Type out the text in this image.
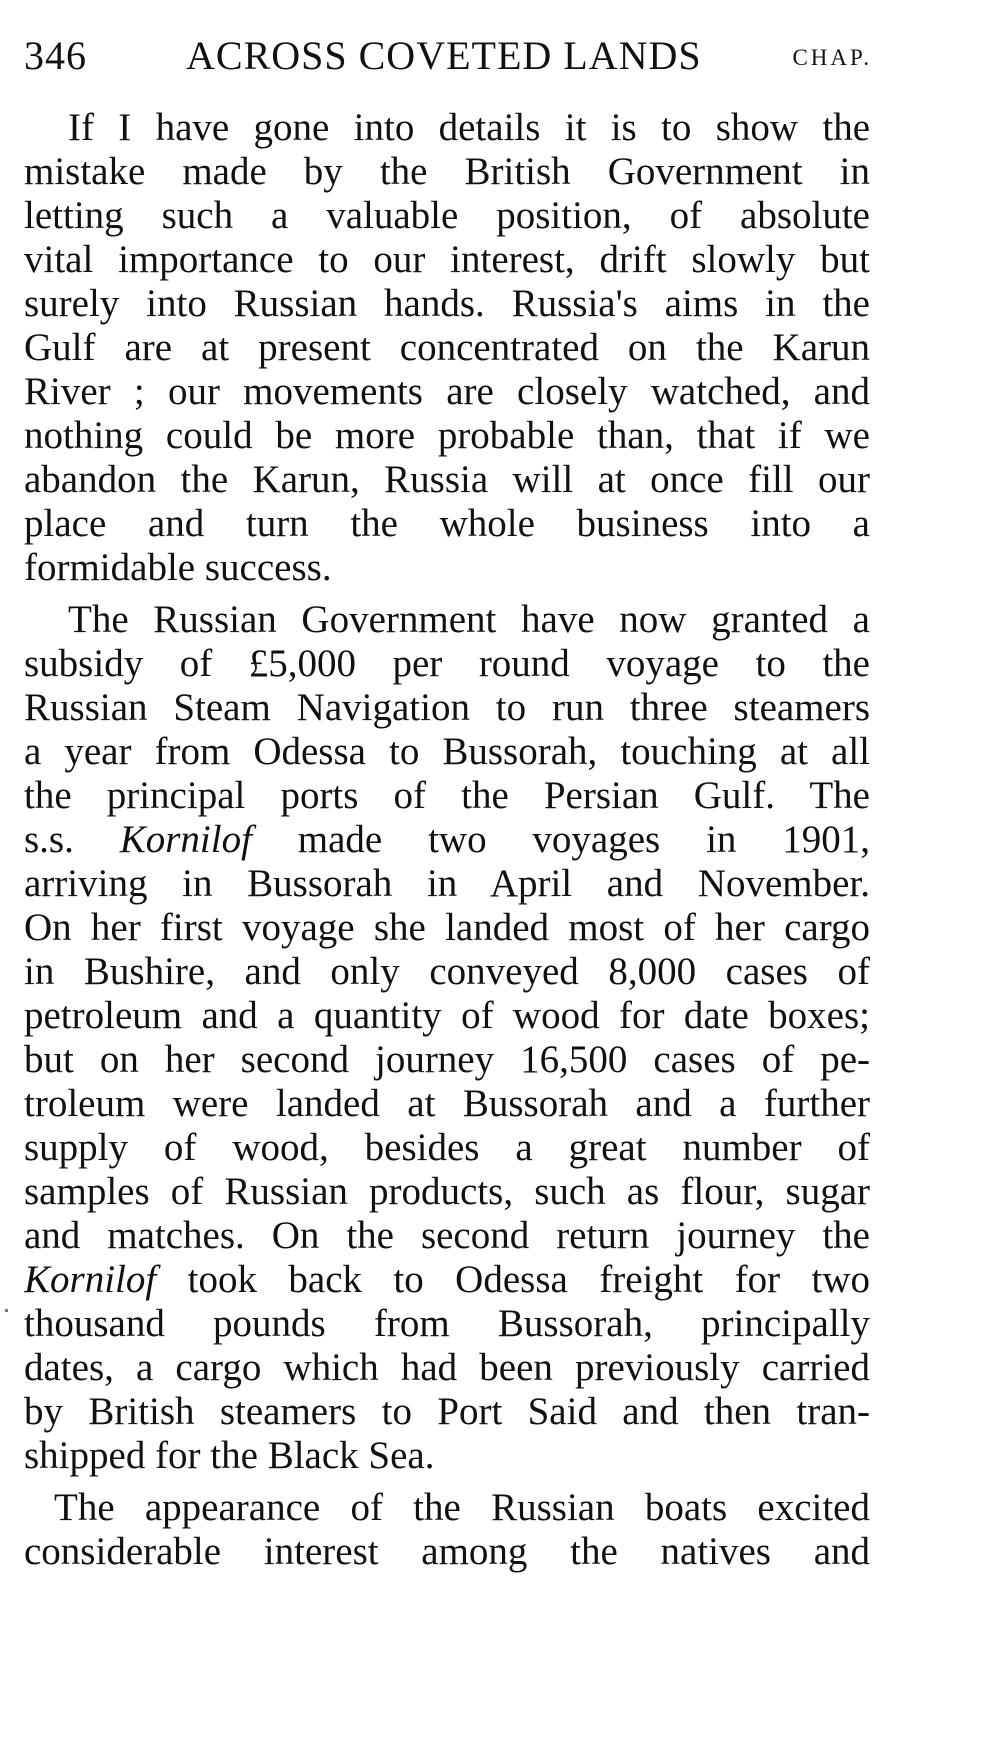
346 ACROSS COVETED LANDS	CHAP.
If I have gone into details it is to show the
mistake made by the British Government in
letting such a valuable position, of absolute
vital importance to our interest, drift slowly but
surely into Russian hands. Russia's aims in the
Gulf are at present concentrated on the Karun
River ; our movements are closely watched, and
nothing could be more probable than, that if we
abandon the Karun, Russia will at once fill our
place and turn the whole business into a
formidable success.
The Russian Government have now granted a
subsidy of £5,000 per round voyage to the
Russian Steam Navigation to run three steamers
a year from Odessa to Bussorah, touching at all
the principal ports of the Persian Gulf. The
s.s. Kornilof made two voyages in 1901,
arriving in Bussorah in April and November.
On her first voyage she landed most of her cargo
in Bushire, and only conveyed 8,000 cases of
petroleum and a quantity of wood for date boxes;
but on her second journey 16,500 cases of pe-
troleum were landed at Bussorah and a further
supply of wood, besides a great number of
samples of Russian products, such as flour, sugar
and matches. On the second return journey the
Kornilof took back to Odessa freight for two
thousand pounds from Bussorah, principally
dates, a cargo which had been previously carried
by British steamers to Port Said and then tran-
shipped for the Black Sea.
The appearance of the Russian boats excited
considerable interest among the natives and
